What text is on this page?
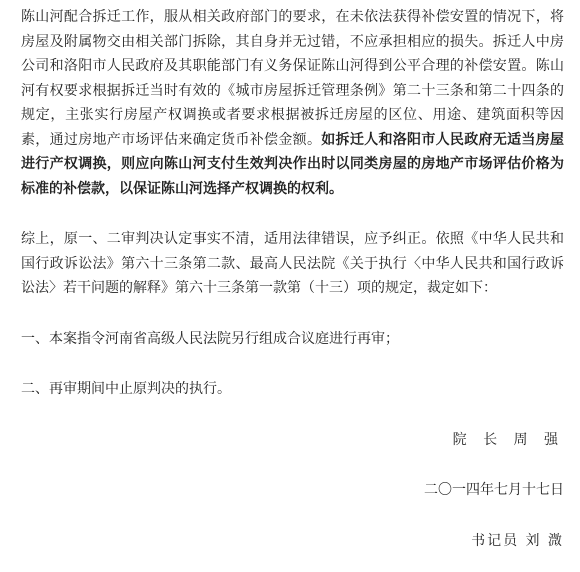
陈山河配合拆迁工作，服从相关政府部门的要求，在未依法获得补偿安置的情况下，将房屋及附属物交由相关部门拆除，其自身并无过错，不应承担相应的损失。拆迁人中房公司和洛阳市人民政府及其职能部门有义务保证陈山河得到公平合理的补偿安置。陈山河有权要求根据拆迁当时有效的《城市房屋拆迁管理条例》第二十三条和第二十四条的规定，主张实行房屋产权调换或者要求根据被拆迁房屋的区位、用途、建筑面积等因素，通过房地产市场评估来确定货币补偿金额。如拆迁人和洛阳市人民政府无适当房屋进行产权调换，则应向陈山河支付生效判决作出时以同类房屋的房地产市场评估价格为标准的补偿款，以保证陈山河选择产权调换的权利。

综上，原一、二审判决认定事实不清，适用法律错误，应予纠正。依照《中华人民共和国行政诉讼法》第六十三条第二款、最高人民法院《关于执行〈中华人民共和国行政诉讼法〉若干问题的解释》第六十三条第一款第（十三）项的规定，裁定如下：

一、本案指令河南省高级人民法院另行组成合议庭进行再审；

二、再审期间中止原判决的执行。

院 长 周 强

二〇一四年七月十七日

书记员 刘 溦
